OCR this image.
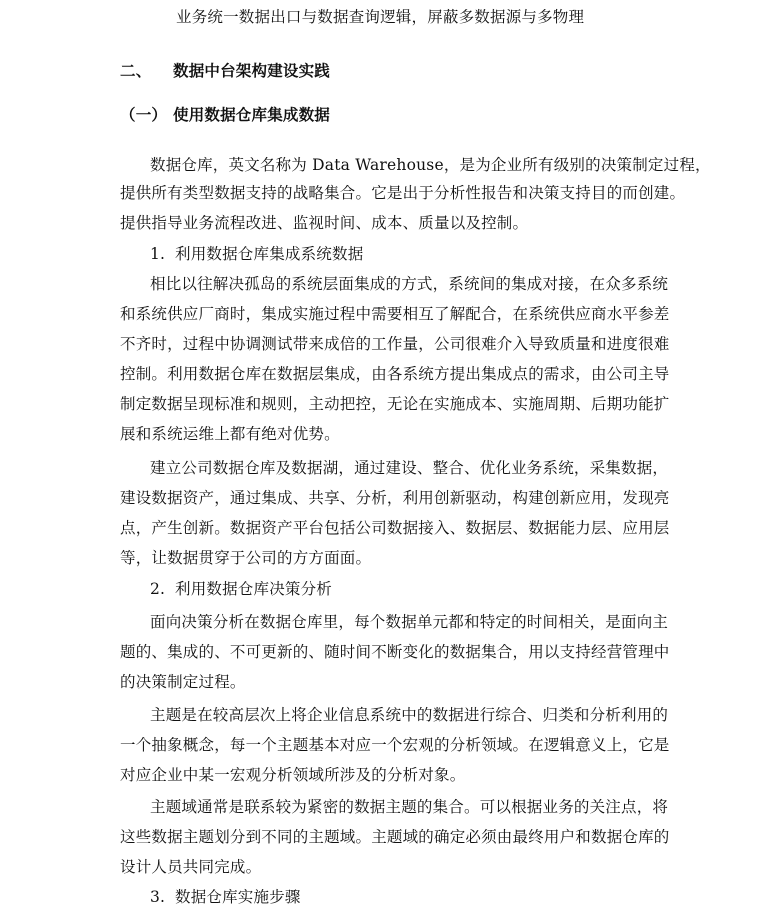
业务统一数据出口与数据查询逻辑，屏蔽多数据源与多物理
二、 数据中台架构建设实践
（一） 使用数据仓库集成数据
数据仓库，英文名称为 Data Warehouse，是为企业所有级别的决策制定过程，
提供所有类型数据支持的战略集合。它是出于分析性报告和决策支持目的而创建。
提供指导业务流程改进、监视时间、成本、质量以及控制。
1. 利用数据仓库集成系统数据
相比以往解决孤岛的系统层面集成的方式，系统间的集成对接，在众多系统
和系统供应厂商时，集成实施过程中需要相互了解配合，在系统供应商水平参差
不齐时，过程中协调测试带来成倍的工作量，公司很难介入导致质量和进度很难
控制。利用数据仓库在数据层集成，由各系统方提出集成点的需求，由公司主导
制定数据呈现标准和规则，主动把控，无论在实施成本、实施周期、后期功能扩
展和系统运维上都有绝对优势。
建立公司数据仓库及数据湖，通过建设、整合、优化业务系统，采集数据，
建设数据资产，通过集成、共享、分析，利用创新驱动，构建创新应用，发现亮
点，产生创新。数据资产平台包括公司数据接入、数据层、数据能力层、应用层
等，让数据贯穿于公司的方方面面。
2. 利用数据仓库决策分析
面向决策分析在数据仓库里，每个数据单元都和特定的时间相关，是面向主
题的、集成的、不可更新的、随时间不断变化的数据集合，用以支持经营管理中
的决策制定过程。
主题是在较高层次上将企业信息系统中的数据进行综合、归类和分析利用的
一个抽象概念，每一个主题基本对应一个宏观的分析领域。在逻辑意义上，它是
对应企业中某一宏观分析领域所涉及的分析对象。
主题域通常是联系较为紧密的数据主题的集合。可以根据业务的关注点，将
这些数据主题划分到不同的主题域。主题域的确定必须由最终用户和数据仓库的
设计人员共同完成。
3. 数据仓库实施步骤
